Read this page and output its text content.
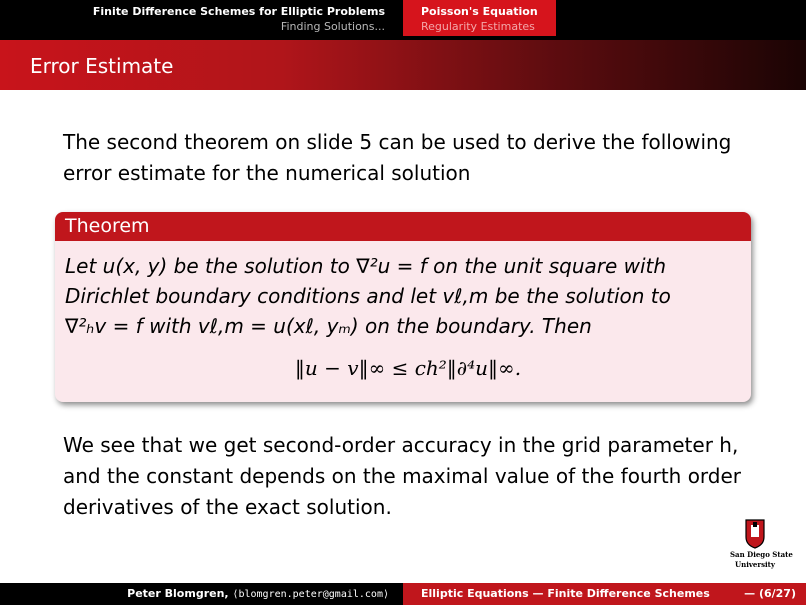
Finite Difference Schemes for Elliptic Problems
Finding Solutions...
Poisson's Equation
Regularity Estimates
Error Estimate
The second theorem on slide 5 can be used to derive the following
error estimate for the numerical solution
Theorem
Let u(x, y) be the solution to ∇²u = f on the unit square with
Dirichlet boundary conditions and let vℓ,m be the solution to
∇²ₕv = f with vℓ,m = u(xℓ, yₘ) on the boundary. Then
‖u − v‖∞ ≤ ch²‖∂⁴u‖∞.
We see that we get second-order accuracy in the grid parameter h,
and the constant depends on the maximal value of the fourth order
derivatives of the exact solution.
San Diego State
University
Peter Blomgren, ⟨blomgren.peter@gmail.com⟩	Elliptic Equations — Finite Difference Schemes	— (6/27)
